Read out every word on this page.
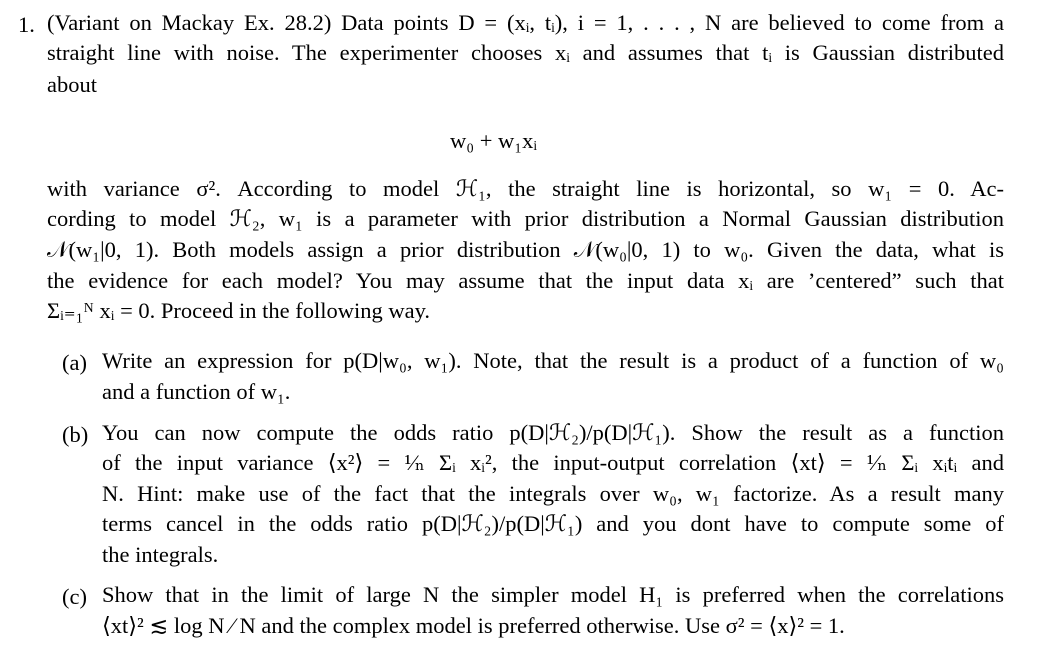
1. (Variant on Mackay Ex. 28.2) Data points D = (xᵢ, tᵢ), i = 1, . . . , N are believed to come from a
straight line with noise. The experimenter chooses xᵢ and assumes that tᵢ is Gaussian distributed
about
w₀ + w₁xᵢ
with variance σ². According to model ℋ₁, the straight line is horizontal, so w₁ = 0. Ac-
cording to model ℋ₂, w₁ is a parameter with prior distribution a Normal Gaussian distribution
𝒩(w₁|0, 1). Both models assign a prior distribution 𝒩(w₀|0, 1) to w₀. Given the data, what is
the evidence for each model? You may assume that the input data xᵢ are ’centered” such that
Σᵢ₌₁ᴺ xᵢ = 0. Proceed in the following way.
(a) Write an expression for p(D|w₀, w₁). Note, that the result is a product of a function of w₀
and a function of w₁.
(b) You can now compute the odds ratio p(D|ℋ₂)/p(D|ℋ₁). Show the result as a function
of the input variance ⟨x²⟩ = ¹⁄ₙ Σᵢ xᵢ², the input-output correlation ⟨xt⟩ = ¹⁄ₙ Σᵢ xᵢtᵢ and
N. Hint: make use of the fact that the integrals over w₀, w₁ factorize. As a result many
terms cancel in the odds ratio p(D|ℋ₂)/p(D|ℋ₁) and you dont have to compute some of
the integrals.
(c) Show that in the limit of large N the simpler model H₁ is preferred when the correlations
⟨xt⟩² ≲ log N ⁄ N and the complex model is preferred otherwise. Use σ² = ⟨x⟩² = 1.
